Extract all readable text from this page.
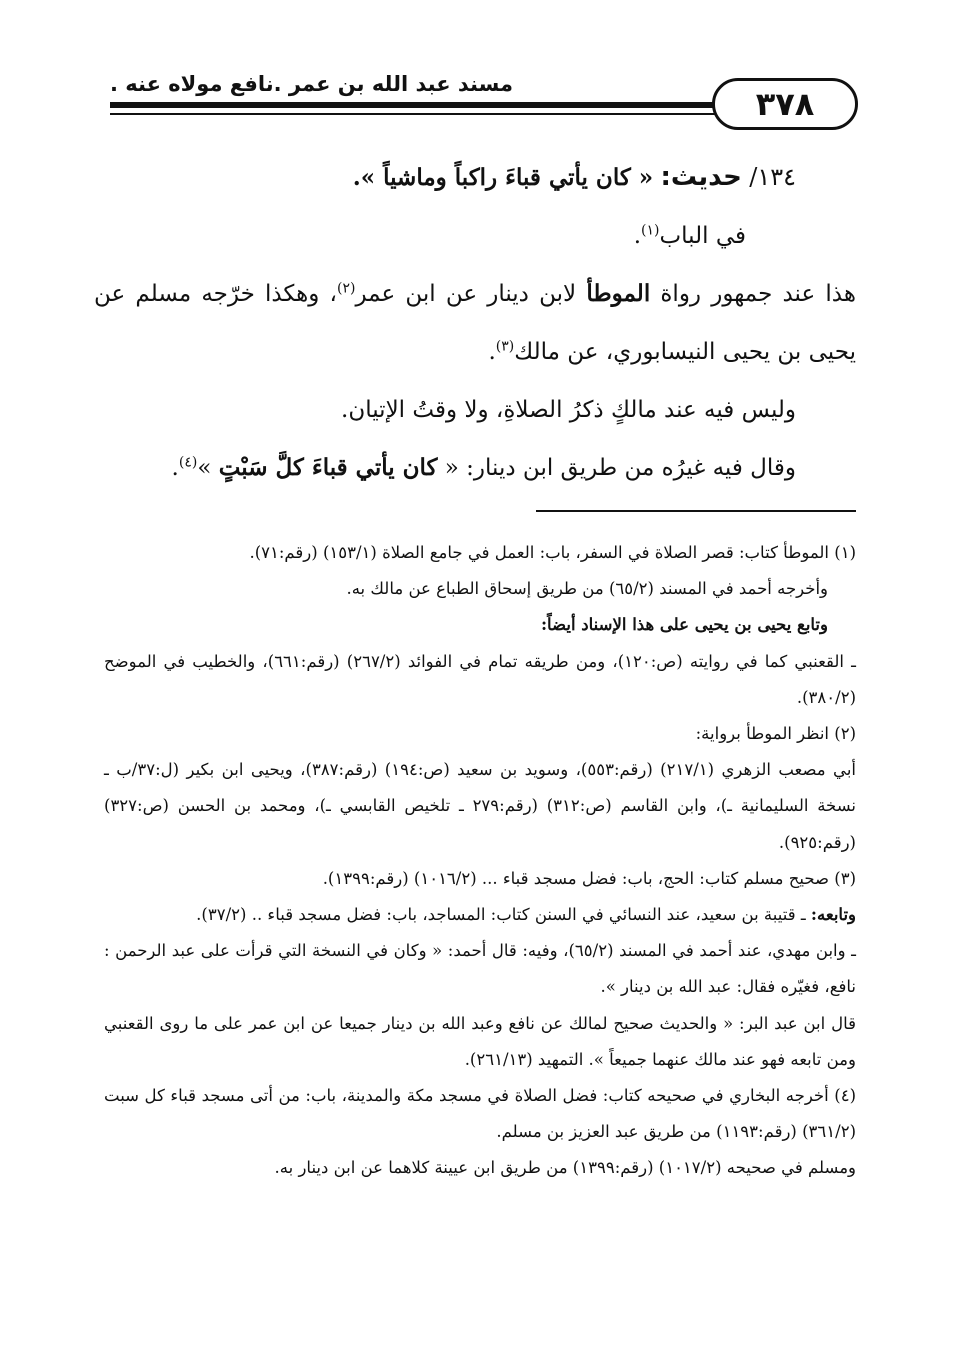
مسند عبد الله بن عمر .نافع مولاه عنه .
٣٧٨

١٣٤/ حديث: « كان يأتي قباءَ راكباً وماشياً ».

في الباب$^{(١)}$.

هذا عند جمهور رواة الموطأ لابن دينار عن ابن عمر$^{(٢)}$، وهكذا خرّجه مسلم عن يحيى بن يحيى النيسابوري، عن مالك$^{(٣)}$.

وليس فيه عند مالكٍ ذكرُ الصلاةِ، ولا وقتُ الإتيان.

وقال فيه غيرُه من طريق ابن دينار: « كان يأتي قباءَ كلَّ سَبْتٍ »$^{(٤)}$.

(١) الموطأ كتاب: قصر الصلاة في السفر، باب: العمل في جامع الصلاة (١٥٣/١) (رقم:٧١).

وأخرجه أحمد في المسند (٦٥/٢) من طريق إسحاق الطباع عن مالك به.

وتابع يحيى بن يحيى على هذا الإسناد أيضاً:

ـ القعنبي كما في روايته (ص:١٢٠)، ومن طريقه تمام في الفوائد (٢٦٧/٢) (رقم:٦٦١)، والخطيب في الموضح (٣٨٠/٢).

(٢) انظر الموطأ برواية:

أبي مصعب الزهري (٢١٧/١) (رقم:٥٥٣)، وسويد بن سعيد (ص:١٩٤) (رقم:٣٨٧)، ويحيى ابن بكير (ل:٣٧/ب ـ نسخة السليمانية ـ)، وابن القاسم (ص:٣١٢) (رقم:٢٧٩ ـ تلخيص القابسي ـ)، ومحمد بن الحسن (ص:٣٢٧) (رقم:٩٢٥).

(٣) صحيح مسلم كتاب: الحج، باب: فضل مسجد قباء ... (١٠١٦/٢) (رقم:١٣٩٩).

وتابعه: ـ قتيبة بن سعيد، عند النسائي في السنن كتاب: المساجد، باب: فضل مسجد قباء .. (٣٧/٢).

ـ وابن مهدي، عند أحمد في المسند (٦٥/٢)، وفيه: قال أحمد: « وكان في النسخة التي قرأت على عبد الرحمن : نافع، فغيّره فقال: عبد الله بن دينار ».

قال ابن عبد البر: « والحديث صحيح لمالك عن نافع وعبد الله بن دينار جميعا عن ابن عمر على ما روى القعنبي ومن تابعه فهو عند مالك عنهما جميعاً ». التمهيد (٢٦١/١٣).

(٤) أخرجه البخاري في صحيحه كتاب: فضل الصلاة في مسجد مكة والمدينة، باب: من أتى مسجد قباء كل سبت (٣٦١/٢) (رقم:١١٩٣) من طريق عبد العزيز بن مسلم.

ومسلم في صحيحه (١٠١٧/٢) (رقم:١٣٩٩) من طريق ابن عيينة كلاهما عن ابن دينار به.
